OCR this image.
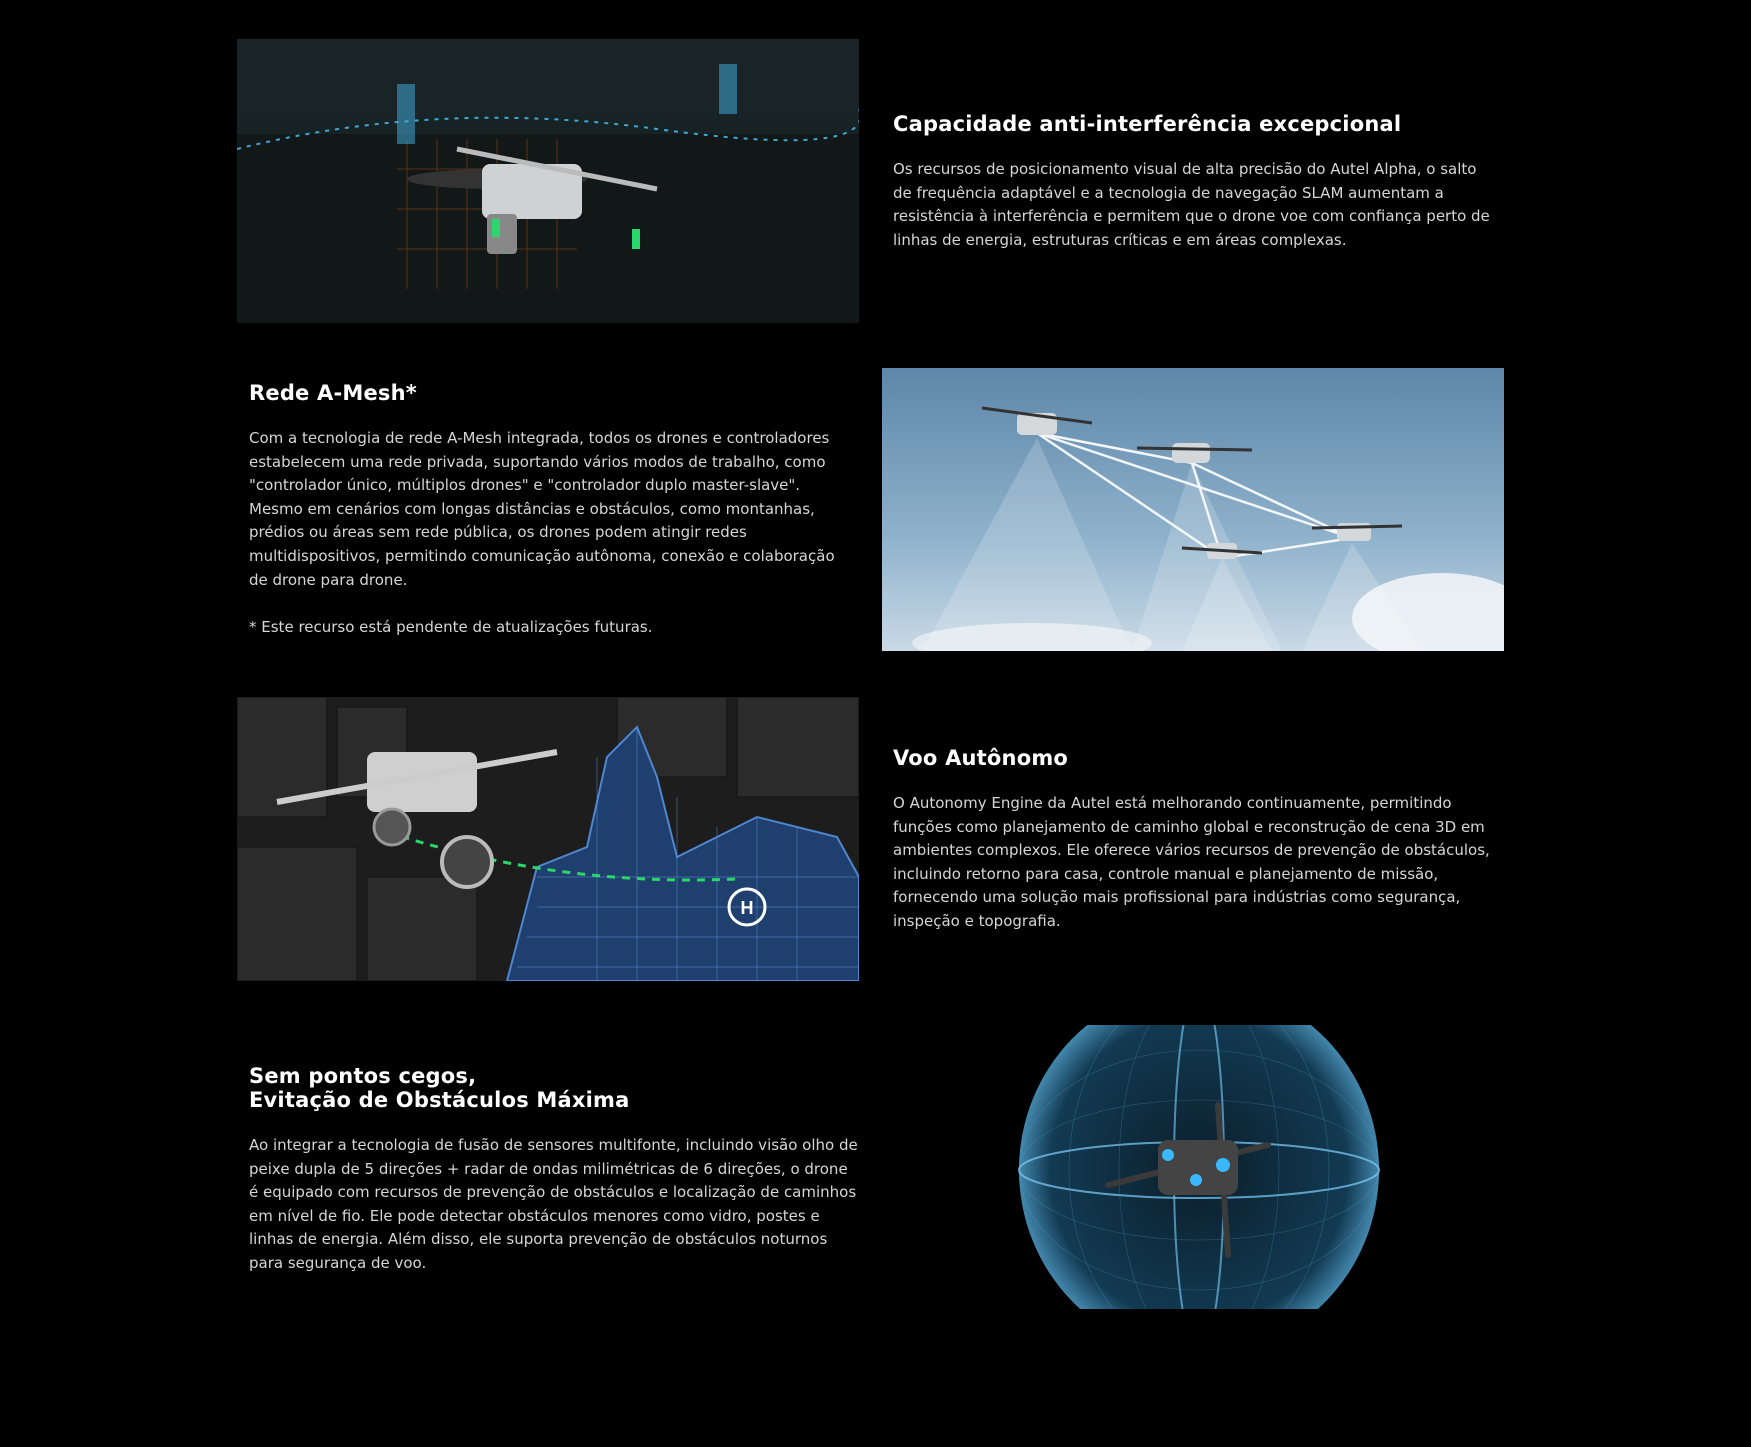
Capacidade anti-interferência excepcional

Os recursos de posicionamento visual de alta precisão do Autel Alpha, o salto de frequência adaptável e a tecnologia de navegação SLAM aumentam a resistência à interferência e permitem que o drone voe com confiança perto de linhas de energia, estruturas críticas e em áreas complexas.

Rede A-Mesh*

Com a tecnologia de rede A-Mesh integrada, todos os drones e controladores estabelecem uma rede privada, suportando vários modos de trabalho, como "controlador único, múltiplos drones" e "controlador duplo master-slave". Mesmo em cenários com longas distâncias e obstáculos, como montanhas, prédios ou áreas sem rede pública, os drones podem atingir redes multidispositivos, permitindo comunicação autônoma, conexão e colaboração de drone para drone.

* Este recurso está pendente de atualizações futuras.

H
Voo Autônomo

O Autonomy Engine da Autel está melhorando continuamente, permitindo funções como planejamento de caminho global e reconstrução de cena 3D em ambientes complexos. Ele oferece vários recursos de prevenção de obstáculos, incluindo retorno para casa, controle manual e planejamento de missão, fornecendo uma solução mais profissional para indústrias como segurança, inspeção e topografia.

Sem pontos cegos,
Evitação de Obstáculos Máxima

Ao integrar a tecnologia de fusão de sensores multifonte, incluindo visão olho de peixe dupla de 5 direções + radar de ondas milimétricas de 6 direções, o drone é equipado com recursos de prevenção de obstáculos e localização de caminhos em nível de fio. Ele pode detectar obstáculos menores como vidro, postes e linhas de energia. Além disso, ele suporta prevenção de obstáculos noturnos para segurança de voo.
